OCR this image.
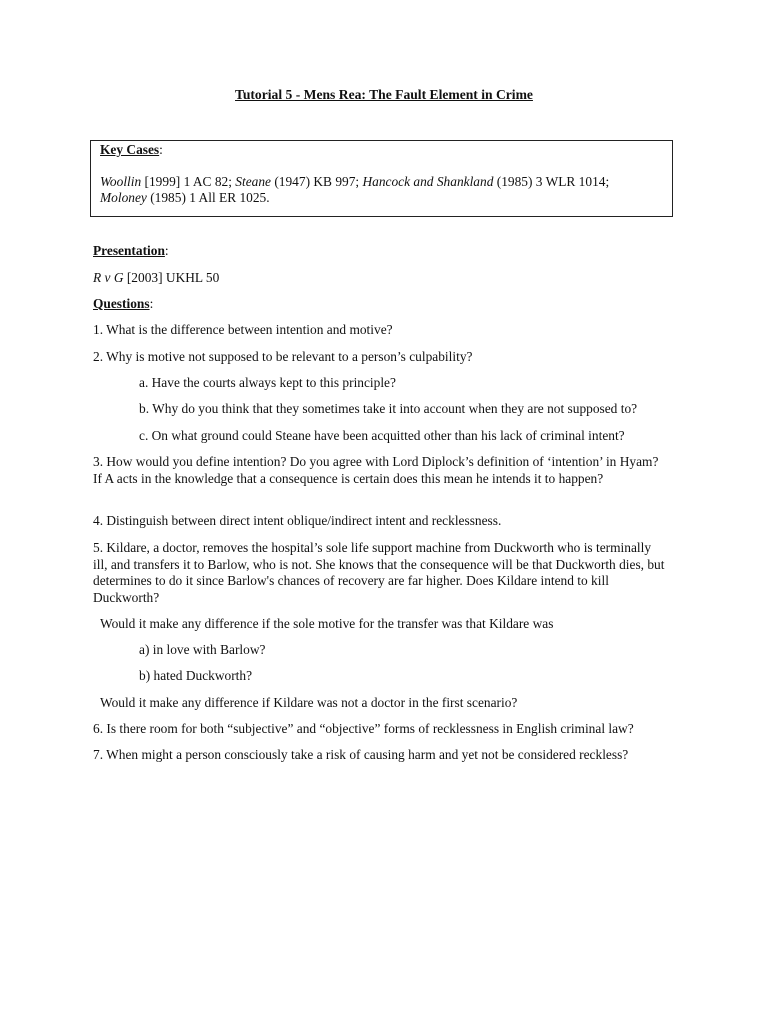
Tutorial 5 - Mens Rea: The Fault Element in Crime

Key Cases:

Woollin [1999] 1 AC 82; Steane (1947) KB 997; Hancock and Shankland (1985) 3 WLR 1014;
Moloney (1985) 1 All ER 1025.

Presentation:
R v G [2003] UKHL 50
Questions:
1. What is the difference between intention and motive?
2. Why is motive not supposed to be relevant to a person’s culpability?
a. Have the courts always kept to this principle?
b. Why do you think that they sometimes take it into account when they are not supposed to?
c. On what ground could Steane have been acquitted other than his lack of criminal intent?
3. How would you define intention? Do you agree with Lord Diplock’s definition of ‘intention’ in Hyam? If A acts in the knowledge that a consequence is certain does this mean he intends it to happen?
4. Distinguish between direct intent oblique/indirect intent and recklessness.
5. Kildare, a doctor, removes the hospital’s sole life support machine from Duckworth who is terminally ill, and transfers it to Barlow, who is not. She knows that the consequence will be that Duckworth dies, but determines to do it since Barlow's chances of recovery are far higher. Does Kildare intend to kill Duckworth?
Would it make any difference if the sole motive for the transfer was that Kildare was
a) in love with Barlow?
b) hated Duckworth?
Would it make any difference if Kildare was not a doctor in the first scenario?
6. Is there room for both “subjective” and “objective” forms of recklessness in English criminal law?
7. When might a person consciously take a risk of causing harm and yet not be considered reckless?
